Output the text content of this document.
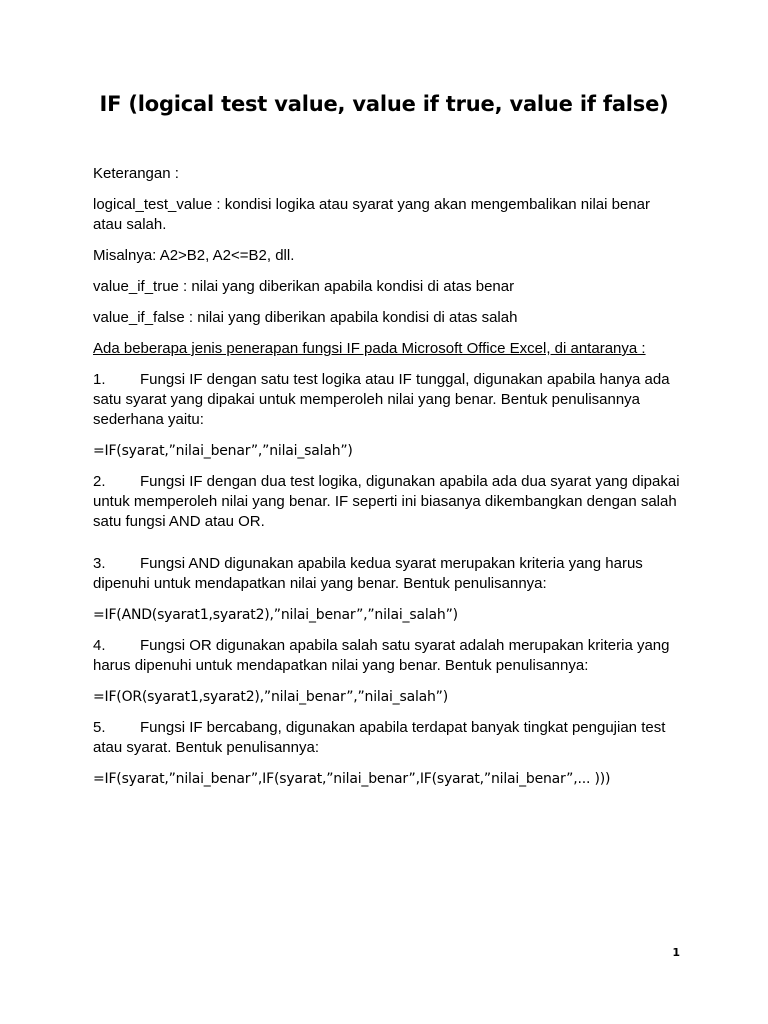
IF (logical test value, value if true, value if false)

Keterangan :

logical_test_value : kondisi logika atau syarat yang akan mengembalikan nilai benar atau salah.

Misalnya: A2>B2, A2<=B2, dll.

value_if_true : nilai yang diberikan apabila kondisi di atas benar

value_if_false : nilai yang diberikan apabila kondisi di atas salah

Ada beberapa jenis penerapan fungsi IF pada Microsoft Office Excel, di antaranya :

1. Fungsi IF dengan satu test logika atau IF tunggal, digunakan apabila hanya ada satu syarat yang dipakai untuk memperoleh nilai yang benar. Bentuk penulisannya sederhana yaitu:

=IF(syarat,”nilai_benar”,”nilai_salah”)

2. Fungsi IF dengan dua test logika, digunakan apabila ada dua syarat yang dipakai untuk memperoleh nilai yang benar. IF seperti ini biasanya dikembangkan dengan salah satu fungsi AND atau OR.

3. Fungsi AND digunakan apabila kedua syarat merupakan kriteria yang harus dipenuhi untuk mendapatkan nilai yang benar. Bentuk penulisannya:

=IF(AND(syarat1,syarat2),”nilai_benar”,”nilai_salah”)

4. Fungsi OR digunakan apabila salah satu syarat adalah merupakan kriteria yang harus dipenuhi untuk mendapatkan nilai yang benar. Bentuk penulisannya:

=IF(OR(syarat1,syarat2),”nilai_benar”,”nilai_salah”)

5. Fungsi IF bercabang, digunakan apabila terdapat banyak tingkat pengujian test atau syarat. Bentuk penulisannya:

=IF(syarat,”nilai_benar”,IF(syarat,”nilai_benar”,IF(syarat,”nilai_benar”,... )))

1
